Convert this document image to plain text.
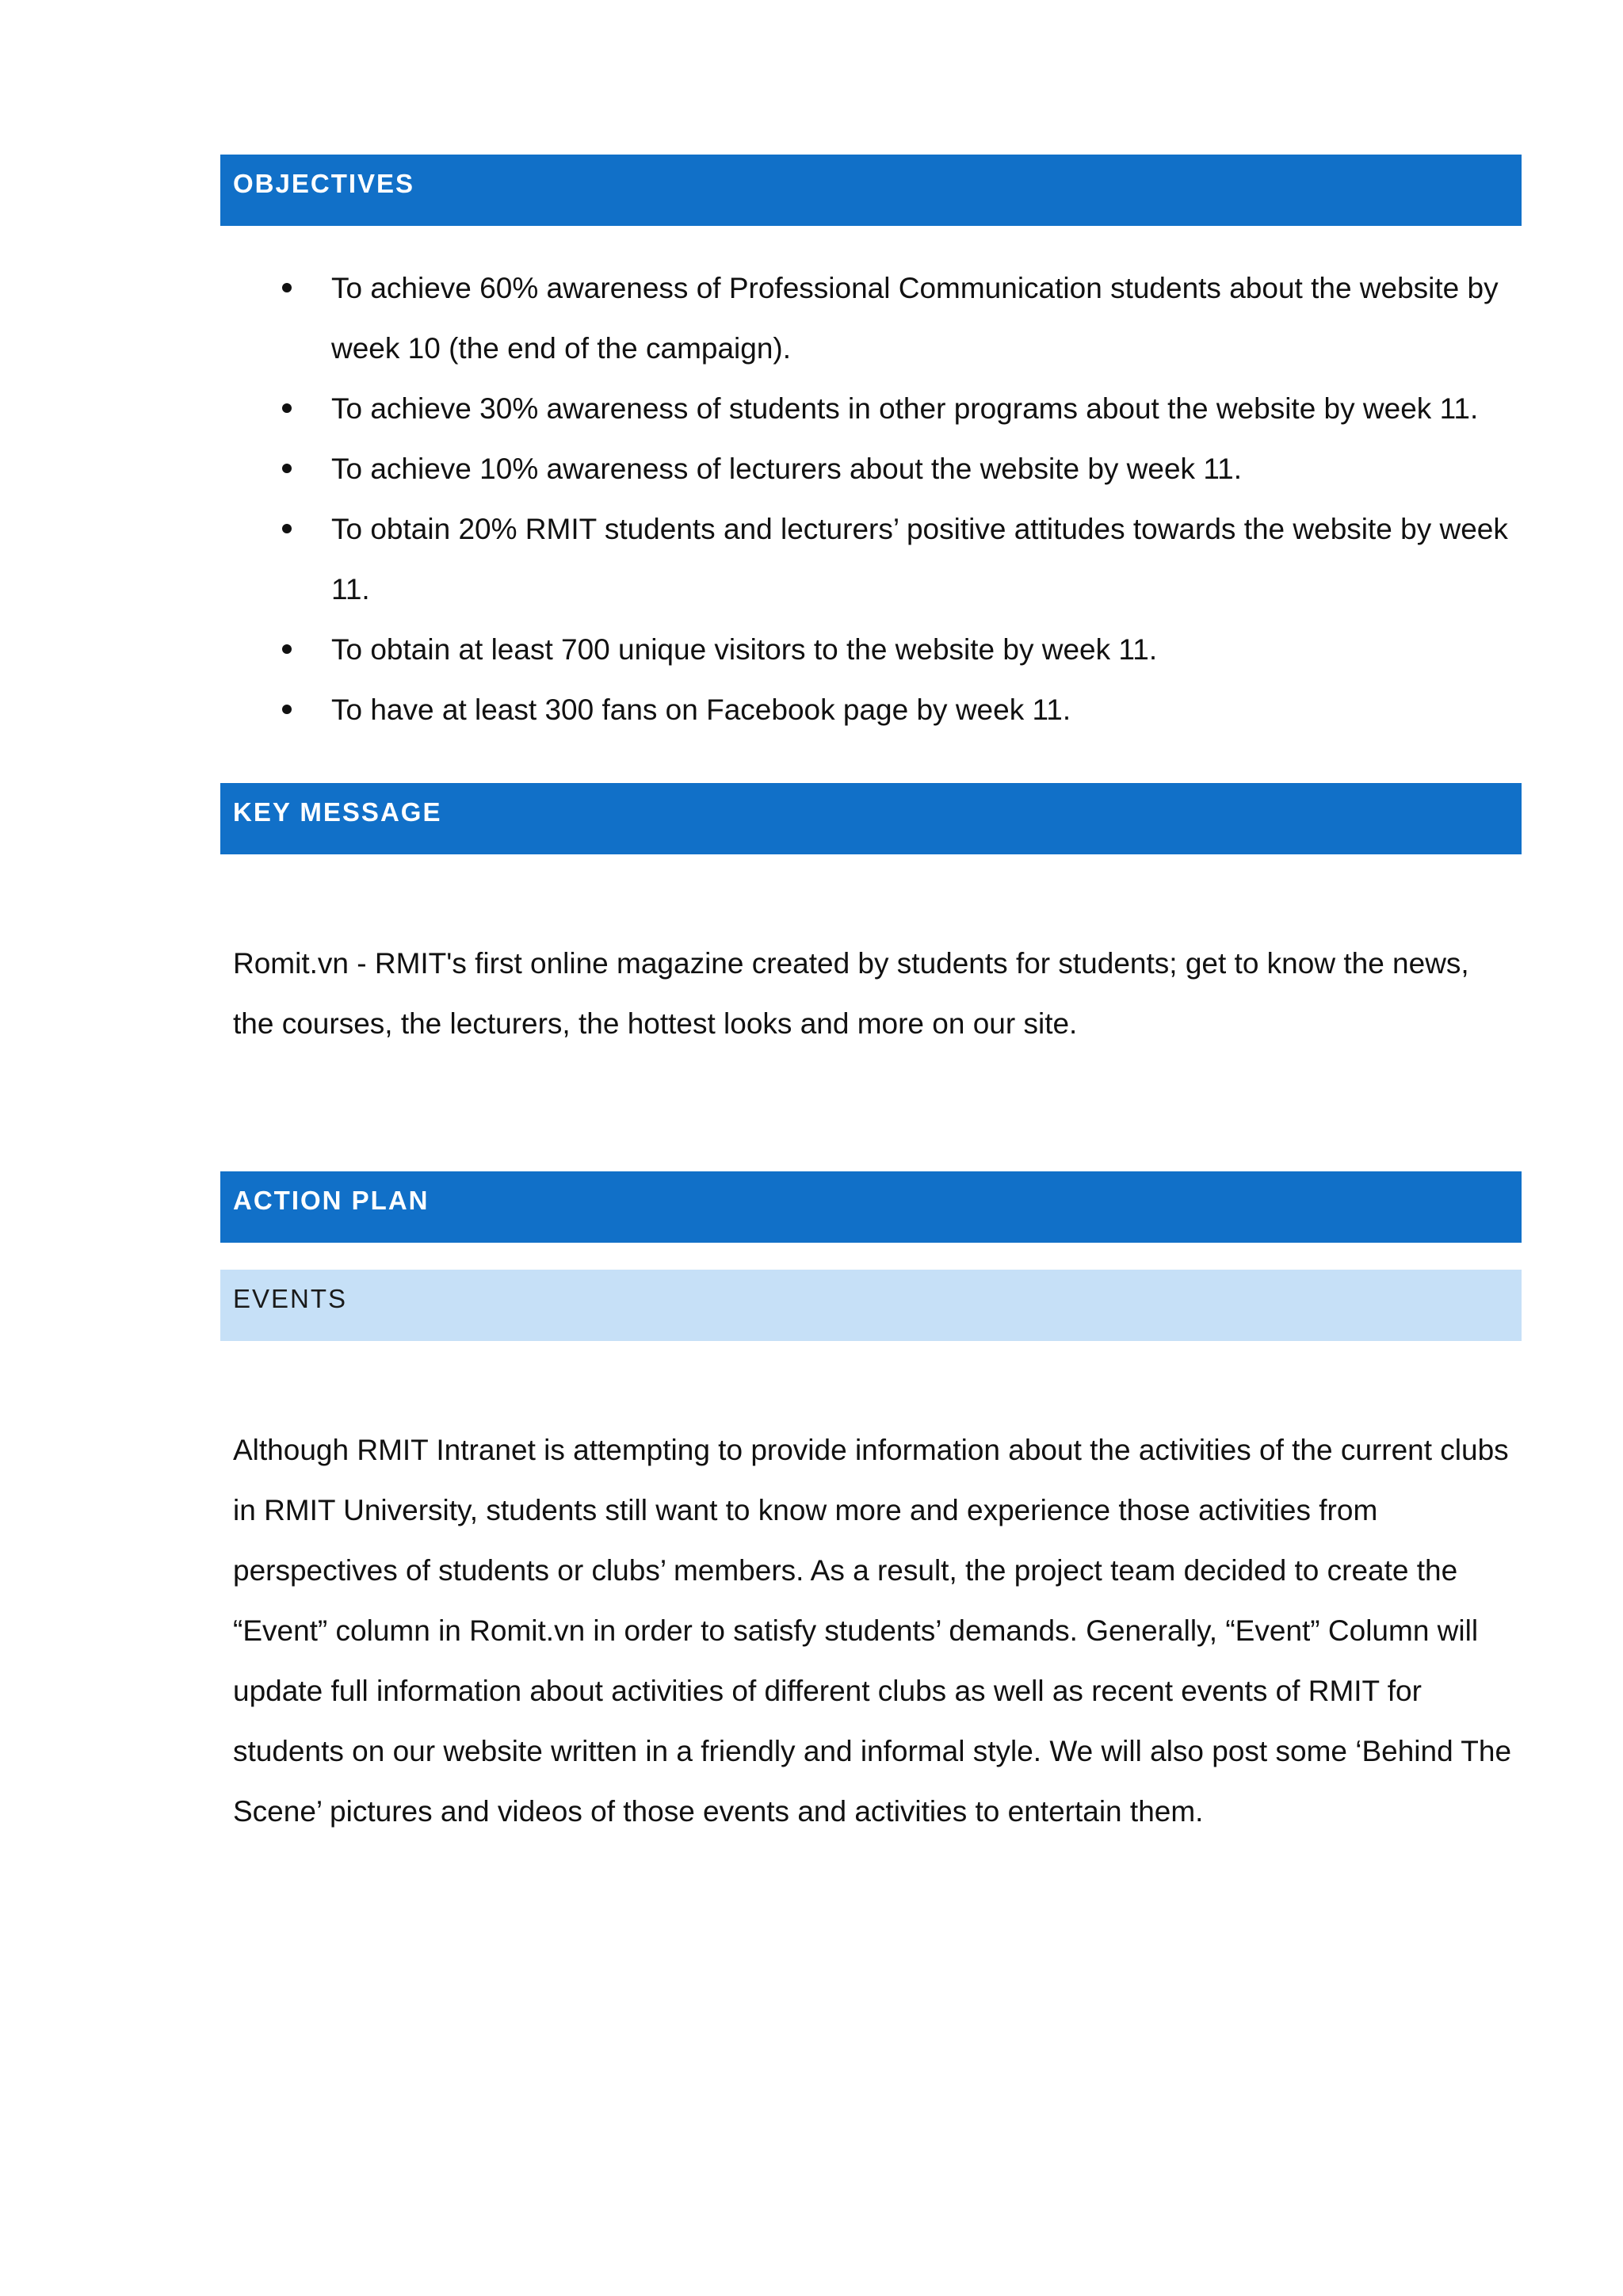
OBJECTIVES
To achieve 60% awareness of Professional Communication students about the website by week 10 (the end of the campaign).
To achieve 30% awareness of students in other programs about the website by week 11.
To achieve 10% awareness of lecturers about the website by week 11.
To obtain 20% RMIT students and lecturers’ positive attitudes towards the website by week 11.
To obtain at least 700 unique visitors to the website by week 11.
To have at least 300 fans on Facebook page by week 11.
KEY MESSAGE

Romit.vn - RMIT's first online magazine created by students for students; get to know the news, the courses, the lecturers, the hottest looks and more on our site.

ACTION PLAN
EVENTS

Although RMIT Intranet is attempting to provide information about the activities of the current clubs in RMIT University, students still want to know more and experience those activities from perspectives of students or clubs’ members. As a result, the project team decided to create the “Event” column in Romit.vn in order to satisfy students’ demands. Generally, “Event” Column will update full information about activities of different clubs as well as recent events of RMIT for students on our website written in a friendly and informal style. We will also post some ‘Behind The Scene’ pictures and videos of those events and activities to entertain them.
